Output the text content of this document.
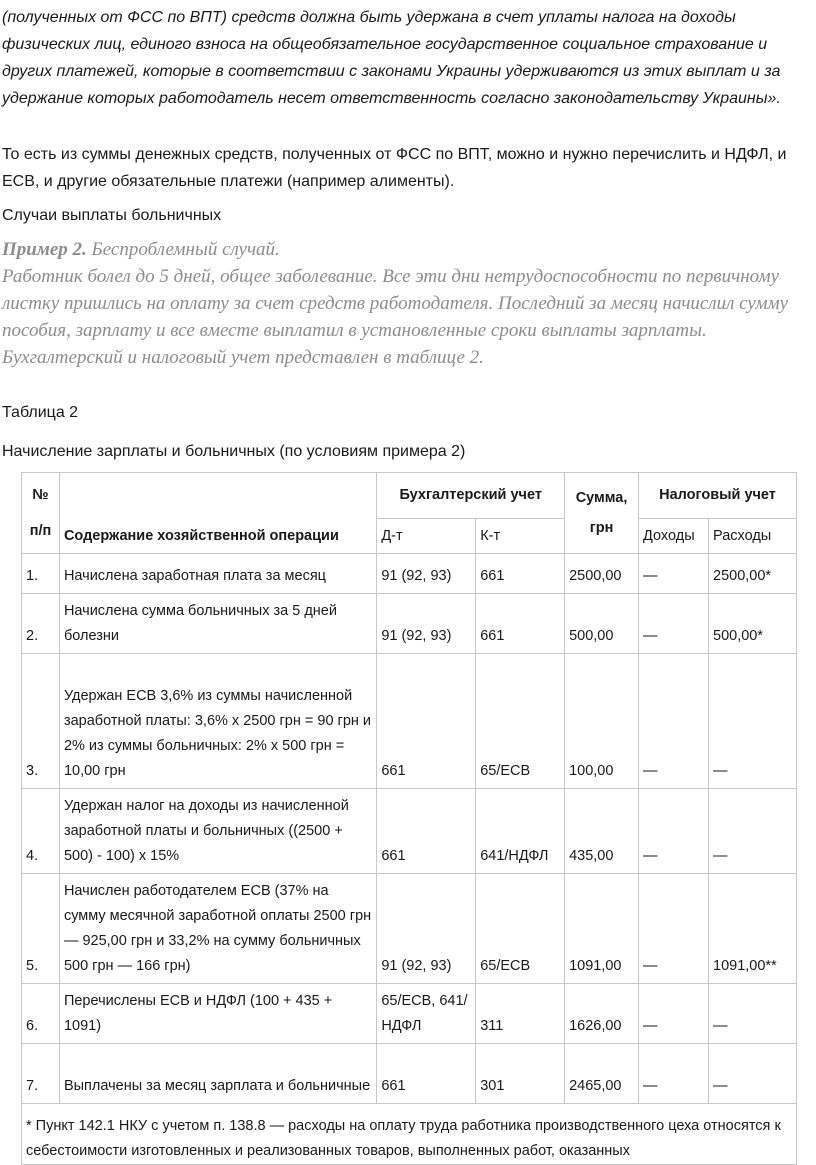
(полученных от ФСС по ВПТ) средств должна быть удержана в счет уплаты налога на доходы физических лиц, единого взноса на общеобязательное государственное социальное страхование и других платежей, которые в соответствии с законами Украины удерживаются из этих выплат и за удержание которых работодатель несет ответственность согласно законодательству Украины».

То есть из суммы денежных средств, полученных от ФСС по ВПТ, можно и нужно перечислить и НДФЛ, и ЕСВ, и другие обязательные платежи (например алименты).

Случаи выплаты больничных

Пример 2. Беспроблемный случай.
Работник болел до 5 дней, общее заболевание. Все эти дни нетрудоспособности по первичному листку пришлись на оплату за счет средств работодателя. Последний за месяц начислил сумму пособия, зарплату и все вместе выплатил в установленные сроки выплаты зарплаты. Бухгалтерский и налоговый учет представлен в таблице 2.

Таблица 2

Начисление зарплаты и больничных (по условиям примера 2)

№ п/п	Содержание хозяйственной операции	Бухгалтерский учет		Сумма, грн	Налоговый учет	
		Д-т	К-т		Доходы	Расходы
1.	Начислена заработная плата за месяц	91 (92, 93)	661	2500,00	—	2500,00*
2.	Начислена сумма больничных за 5 дней болезни	91 (92, 93)	661	500,00	—	500,00*
3.	Удержан ЕСВ 3,6% из суммы начисленной заработной платы: 3,6% х 2500 грн = 90 грн и 2% из суммы больничных: 2% х 500 грн = 10,00 грн	661	65/ЕСВ	100,00	—	—
4.	Удержан налог на доходы из начисленной заработной платы и больничных ((2500 + 500) - 100) х 15%	661	641/НДФЛ	435,00	—	—
5.	Начислен работодателем ЕСВ (37% на сумму месячной заработной оплаты 2500 грн — 925,00 грн и 33,2% на сумму больничных 500 грн — 166 грн)	91 (92, 93)	65/ЕСВ	1091,00	—	1091,00**
6.	Перечислены ЕСВ и НДФЛ (100 + 435 + 1091)	65/ЕСВ, 641/НДФЛ	311	1626,00	—	—
7.	Выплачены за месяц зарплата и больничные	661	301	2465,00	—	—
* Пункт 142.1 НКУ с учетом п. 138.8 — расходы на оплату труда работника производственного цеха относятся к себестоимости изготовленных и реализованных товаров, выполненных работ, оказанных						
